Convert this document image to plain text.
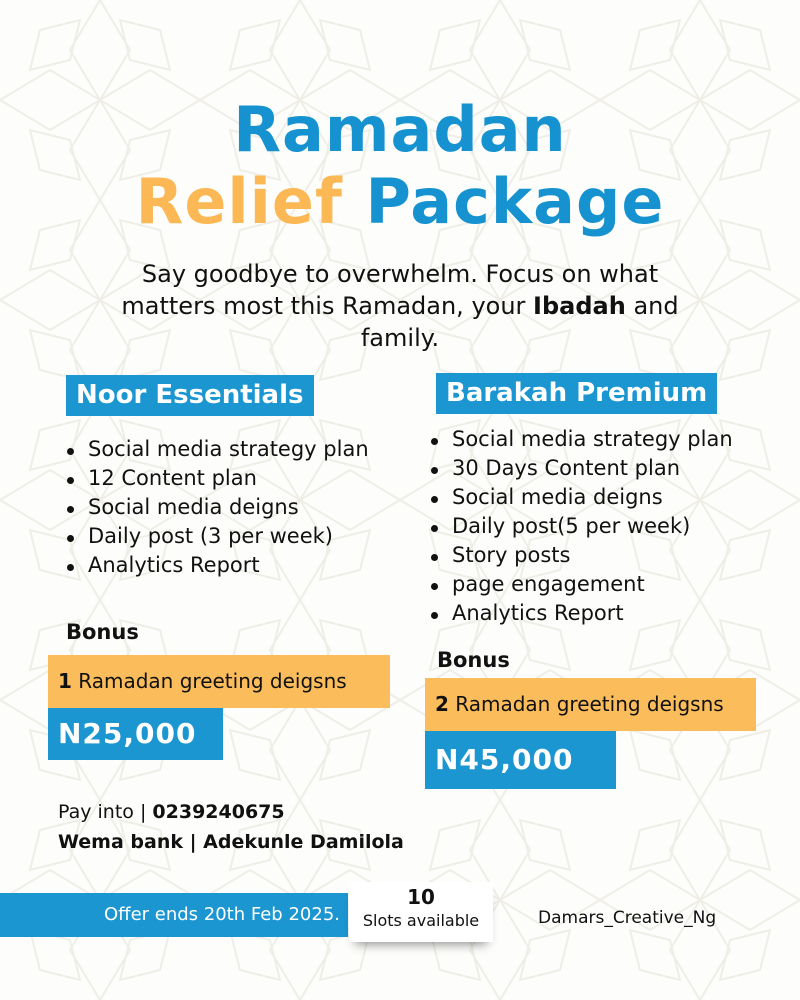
Ramadan
Relief Package
Say goodbye to overwhelm. Focus on what matters most this Ramadan, your Ibadah and family.
Noor Essentials
Social media strategy plan
12 Content plan
Social media deigns
Daily post (3 per week)
Analytics Report
Bonus
1 Ramadan greeting deigsns
N25,000
Barakah Premium
Social media strategy plan
30 Days Content plan
Social media deigns
Daily post(5 per week)
Story posts
page engagement
Analytics Report
Bonus
2 Ramadan greeting deigsns
N45,000
Pay into | 0239240675
Wema bank | Adekunle Damilola
Offer ends 20th Feb 2025.
10
Slots available	Damars_Creative_Ng
